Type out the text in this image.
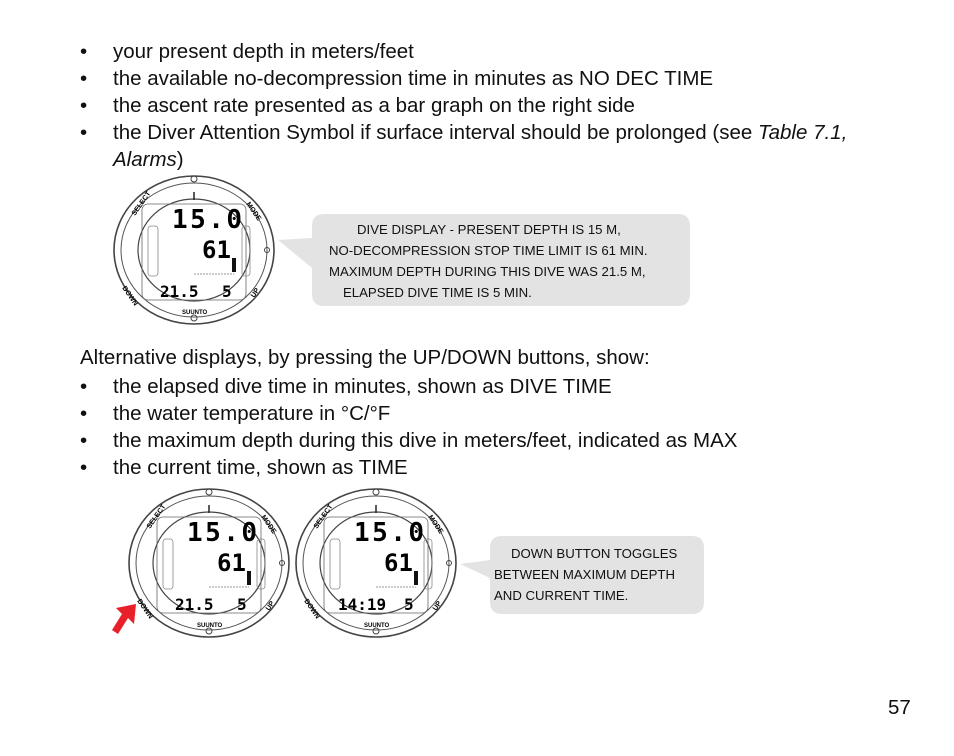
• your present depth in meters/feet
• the available no-decompression time in minutes as NO DEC TIME
• the ascent rate presented as a bar graph on the right side
• the Diver Attention Symbol if surface interval should be prolonged (see Table 7.1,
Alarms)
SELECT	MODE
DOWN	UP
15.0
61
21.5 5
SUUNTO
DIVE DISPLAY - PRESENT DEPTH IS 15 M,
NO-DECOMPRESSION STOP TIME LIMIT IS 61 MIN.
MAXIMUM DEPTH DURING THIS DIVE WAS 21.5 M,
ELAPSED DIVE TIME IS 5 MIN.
Alternative displays, by pressing the UP/DOWN buttons, show:
• the elapsed dive time in minutes, shown as DIVE TIME
• the water temperature in °C/°F
• the maximum depth during this dive in meters/feet, indicated as MAX
• the current time, shown as TIME
SELECT	MODE
DOWN	UP
15.0
61
21.5 5
SUUNTO
SELECT	MODE
DOWN	UP
15.0
61
14:19 5
SUUNTO
DOWN BUTTON TOGGLES
BETWEEN MAXIMUM DEPTH
AND CURRENT TIME.
57
